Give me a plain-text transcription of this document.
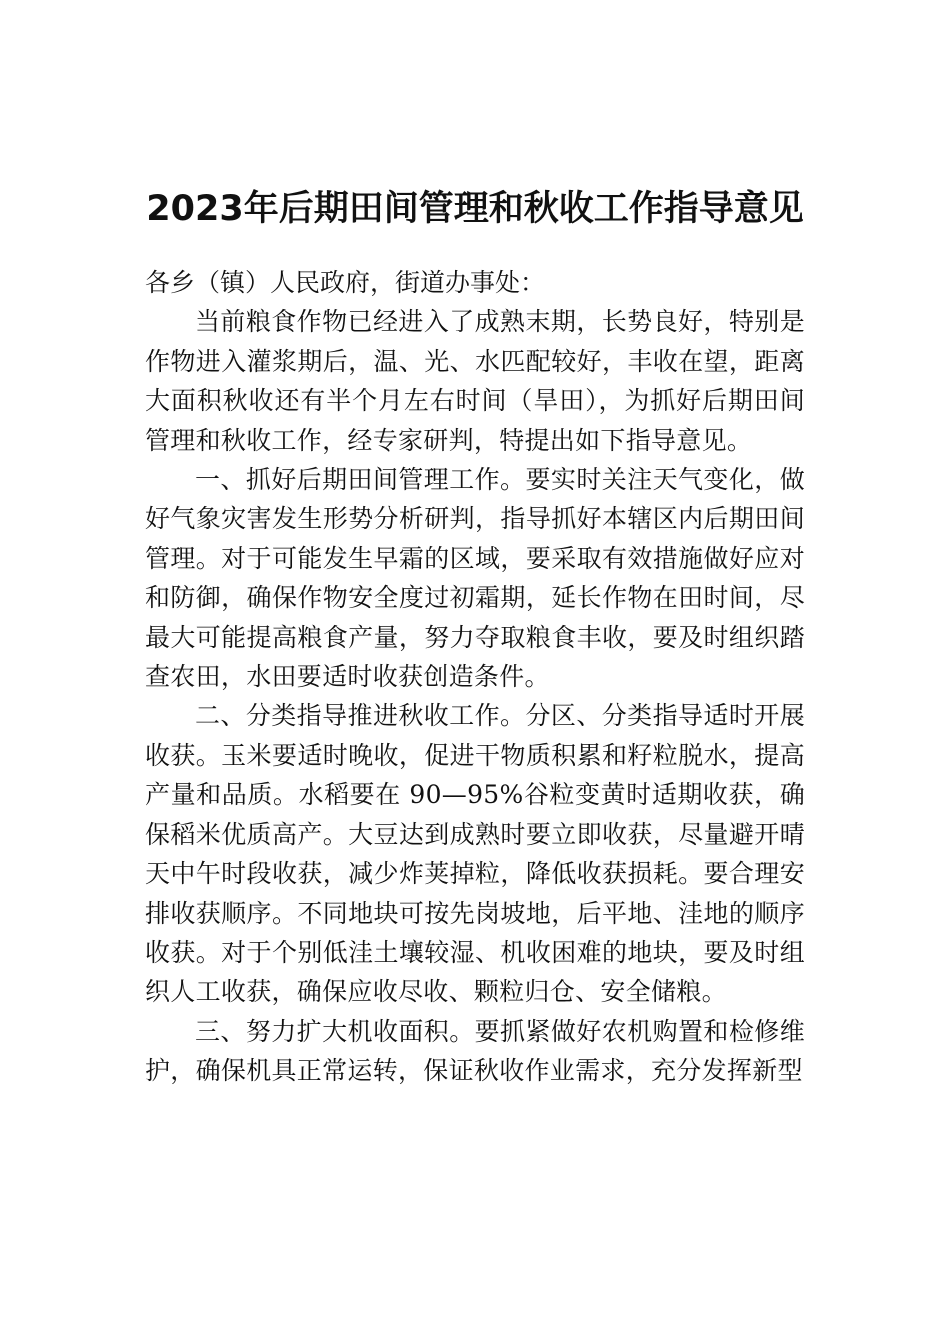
2023年后期田间管理和秋收工作指导意见

各乡（镇）人民政府，街道办事处：

当前粮食作物已经进入了成熟末期，长势良好，特别是作物进入灌浆期后，温、光、水匹配较好，丰收在望，距离大面积秋收还有半个月左右时间（旱田），为抓好后期田间管理和秋收工作，经专家研判，特提出如下指导意见。

一、抓好后期田间管理工作。要实时关注天气变化，做好气象灾害发生形势分析研判，指导抓好本辖区内后期田间管理。对于可能发生早霜的区域，要采取有效措施做好应对和防御，确保作物安全度过初霜期，延长作物在田时间，尽最大可能提高粮食产量，努力夺取粮食丰收，要及时组织踏查农田，水田要适时收获创造条件。

二、分类指导推进秋收工作。分区、分类指导适时开展收获。玉米要适时晚收，促进干物质积累和籽粒脱水，提高产量和品质。水稻要在 90—95%谷粒变黄时适期收获，确保稻米优质高产。大豆达到成熟时要立即收获，尽量避开晴天中午时段收获，减少炸荚掉粒，降低收获损耗。要合理安排收获顺序。不同地块可按先岗坡地，后平地、洼地的顺序收获。对于个别低洼土壤较湿、机收困难的地块，要及时组织人工收获，确保应收尽收、颗粒归仓、安全储粮。

三、努力扩大机收面积。要抓紧做好农机购置和检修维护，确保机具正常运转，保证秋收作业需求，充分发挥新型
